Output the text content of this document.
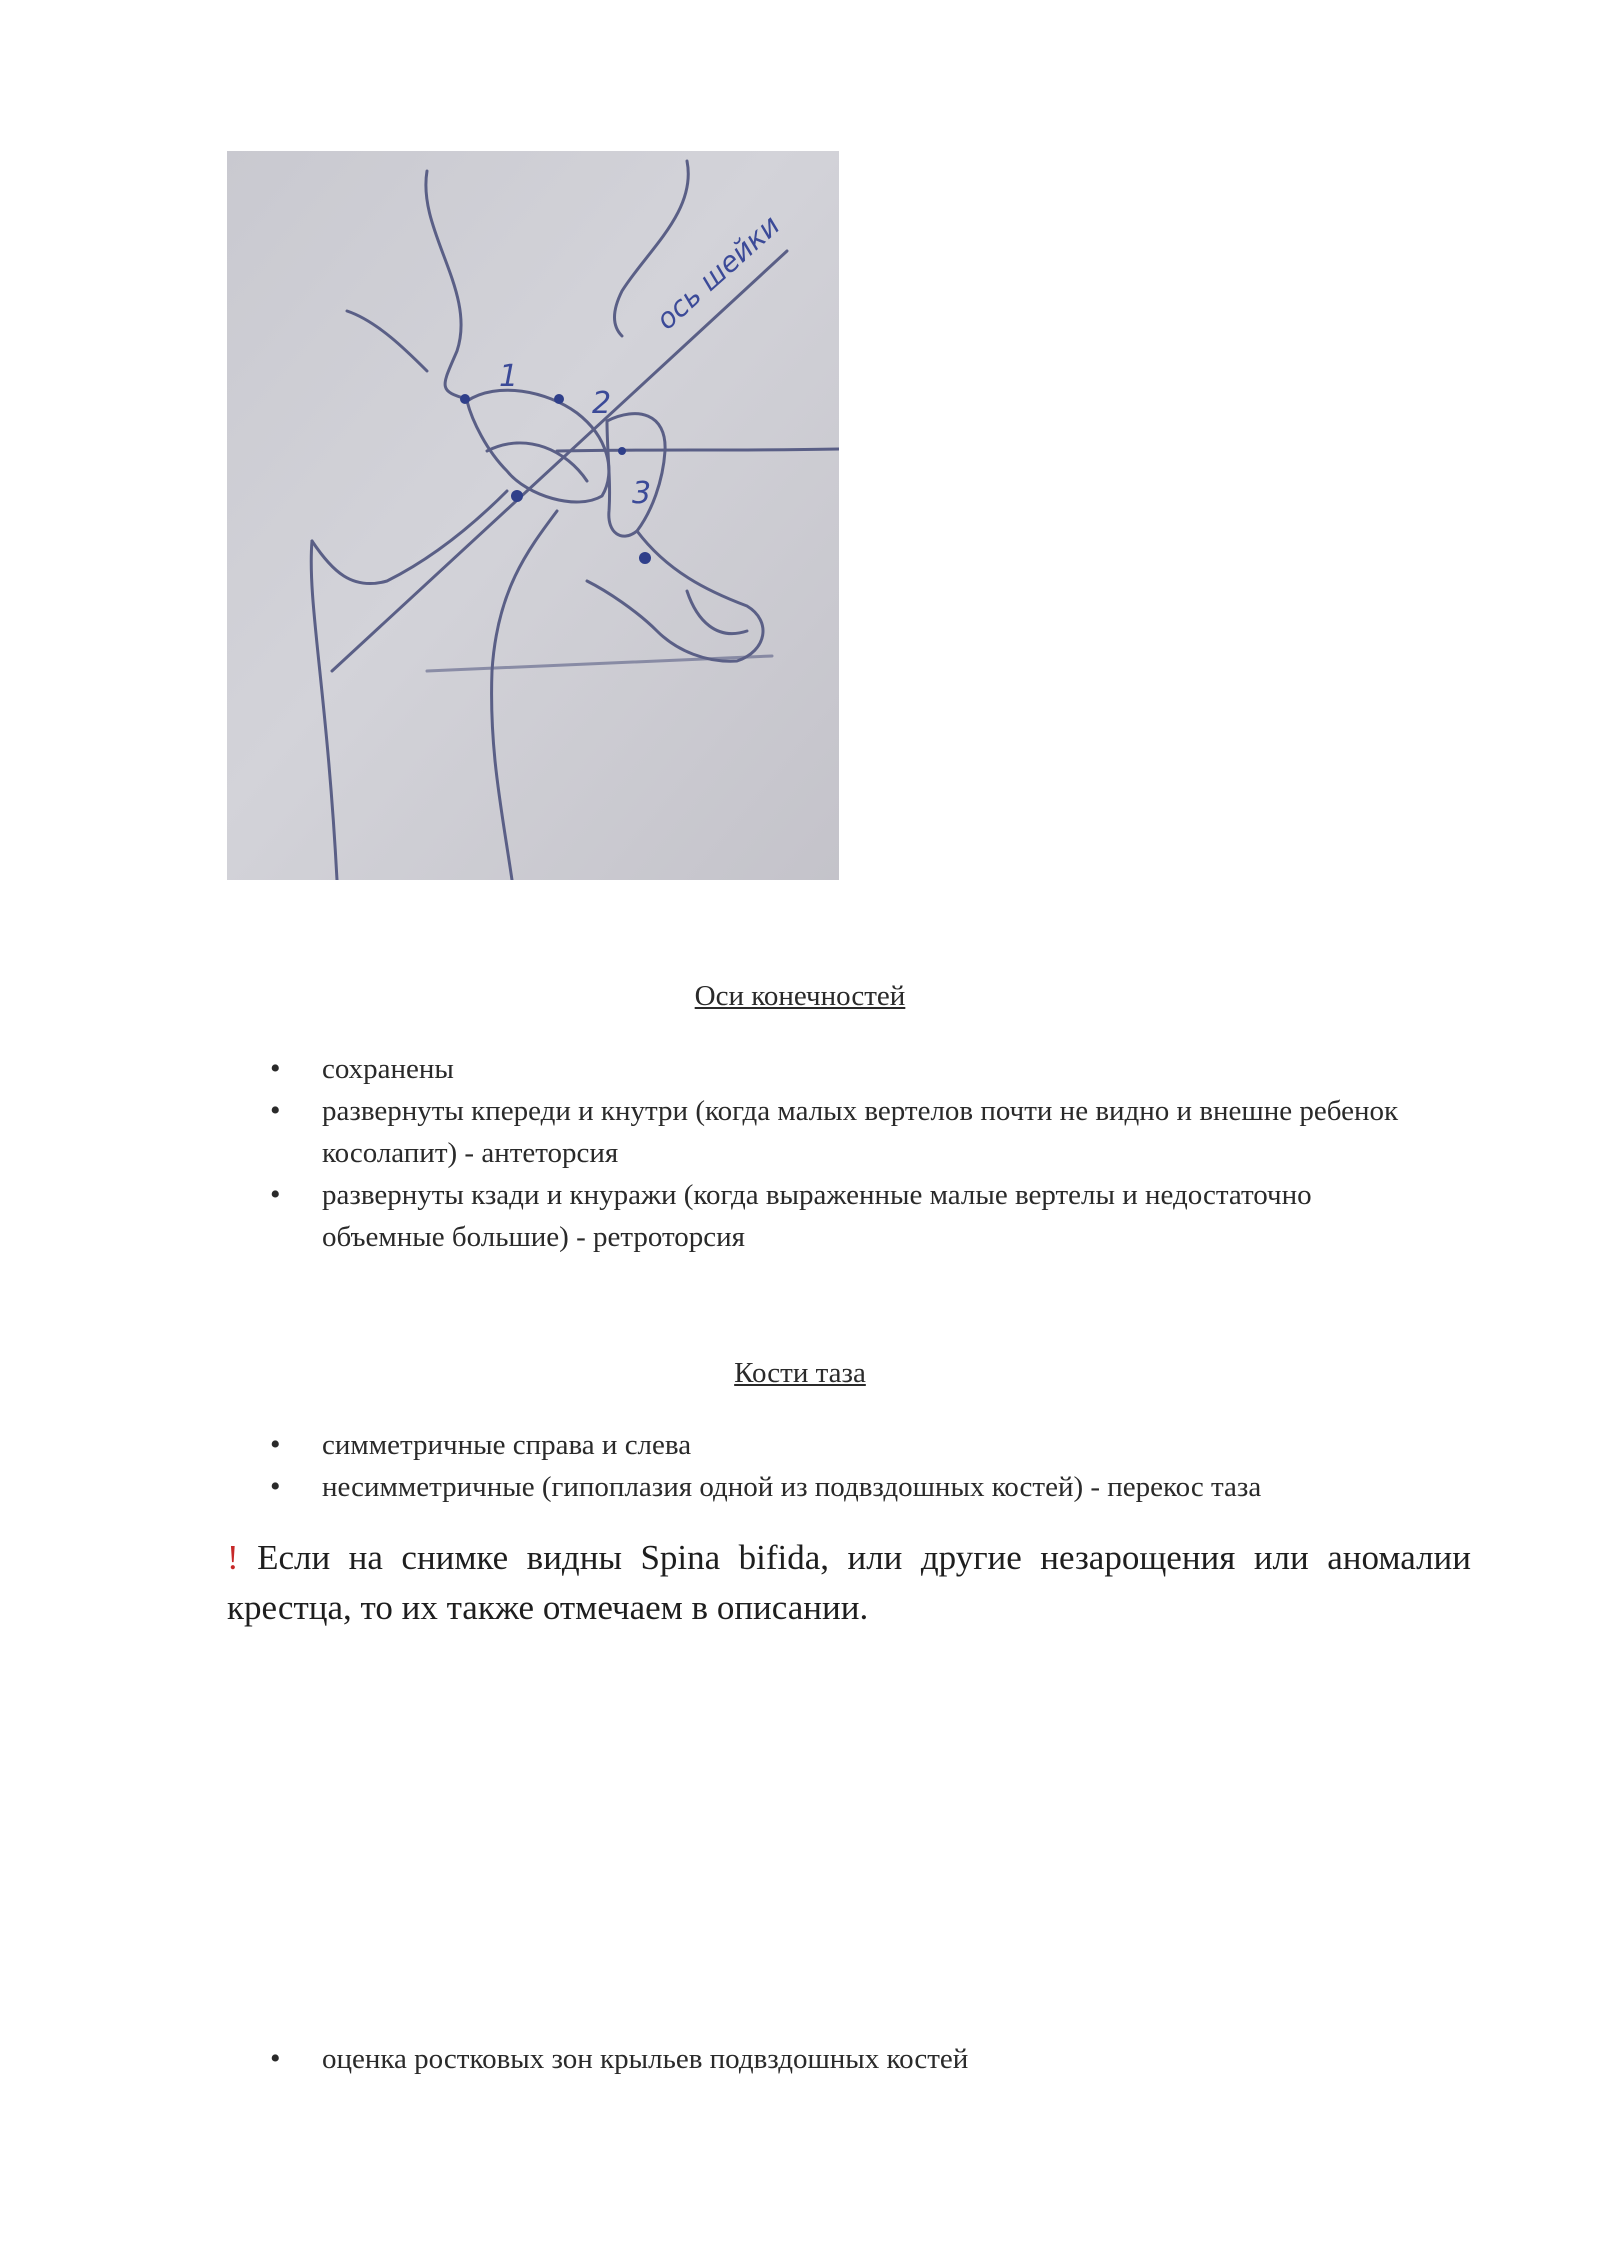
ось шейки
1
2
3
Оси конечностей
• сохранены
• развернуты кпереди и кнутри (когда малых вертелов почти не видно и внешне ребенок косолапит) - антеторсия
• развернуты кзади и кнуражи (когда выраженные малые вертелы и недостаточно объемные большие) - ретроторсия
Кости таза
• симметричные справа и слева
• несимметричные (гипоплазия одной из подвздошных костей) - перекос таза

! Если на снимке видны Spina bifida, или другие незарощения или аномалии крестца, то их также отмечаем в описании.

• оценка ростковых зон крыльев подвздошных костей
